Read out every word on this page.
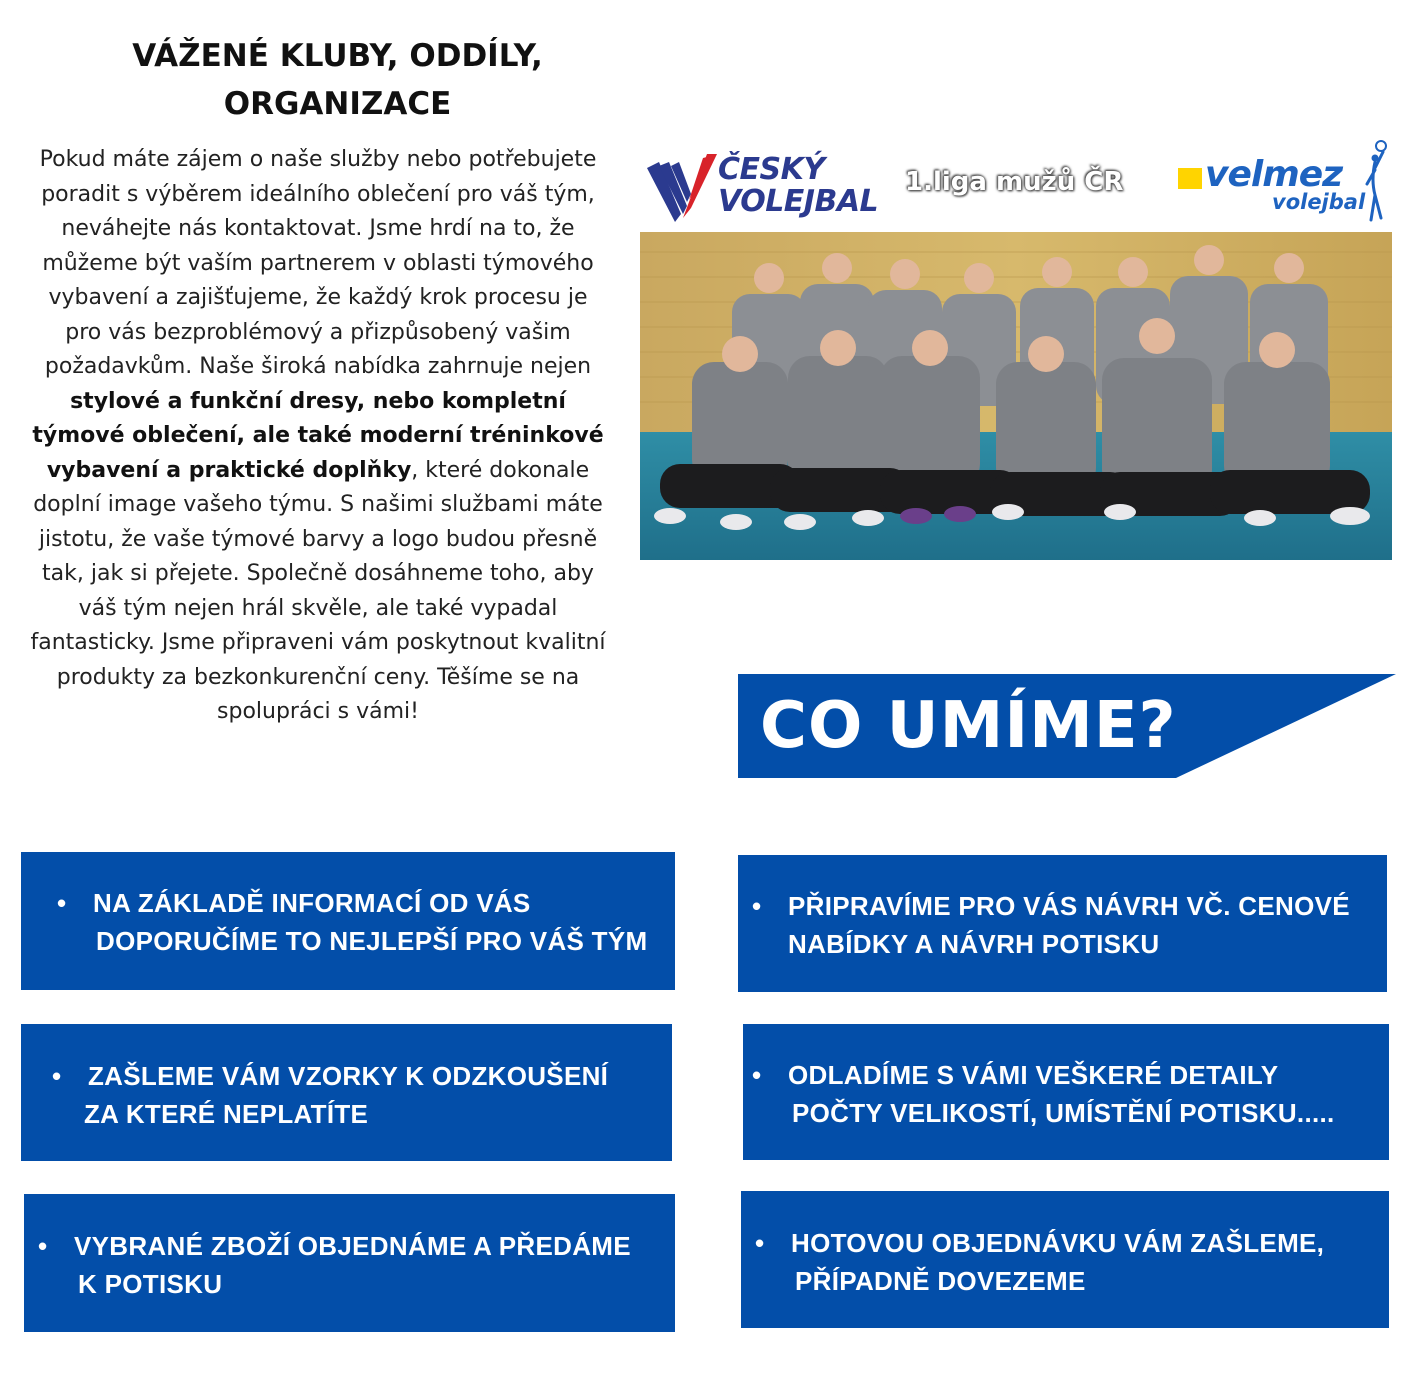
VÁŽENÉ KLUBY, ODDÍLY,
ORGANIZACE

Pokud máte zájem o naše služby nebo potřebujete poradit s výběrem ideálního oblečení pro váš tým, neváhejte nás kontaktovat. Jsme hrdí na to, že můžeme být vaším partnerem v oblasti týmového vybavení a zajišťujeme, že každý krok procesu je pro vás bezproblémový a přizpůsobený vašim požadavkům. Naše široká nabídka zahrnuje nejen stylové a funkční dresy, nebo kompletní týmové oblečení, ale také moderní tréninkové vybavení a praktické doplňky, které dokonale doplní image vašeho týmu. S našimi službami máte jistotu, že vaše týmové barvy a logo budou přesně tak, jak si přejete. Společně dosáhneme toho, aby váš tým nejen hrál skvěle, ale také vypadal fantasticky. Jsme připraveni vám poskytnout kvalitní produkty za bezkonkurenční ceny. Těšíme se na spolupráci s vámi!

ČESKÝ
VOLEJBAL
1.liga mužů ČR velmez
volejbal
CO UMÍME?
• NA ZÁKLADĚ INFORMACÍ OD VÁS
DOPORUČÍME TO NEJLEPŠÍ PRO VÁŠ TÝM
• PŘIPRAVÍME PRO VÁS NÁVRH VČ. CENOVÉ
NABÍDKY A NÁVRH POTISKU
• ZAŠLEME VÁM VZORKY K ODZKOUŠENÍ
ZA KTERÉ NEPLATÍTE
• ODLADÍME S VÁMI VEŠKERÉ DETAILY
POČTY VELIKOSTÍ, UMÍSTĚNÍ POTISKU.....
• VYBRANÉ ZBOŽÍ OBJEDNÁME A PŘEDÁME
K POTISKU
• HOTOVOU OBJEDNÁVKU VÁM ZAŠLEME,
PŘÍPADNĚ DOVEZEME
